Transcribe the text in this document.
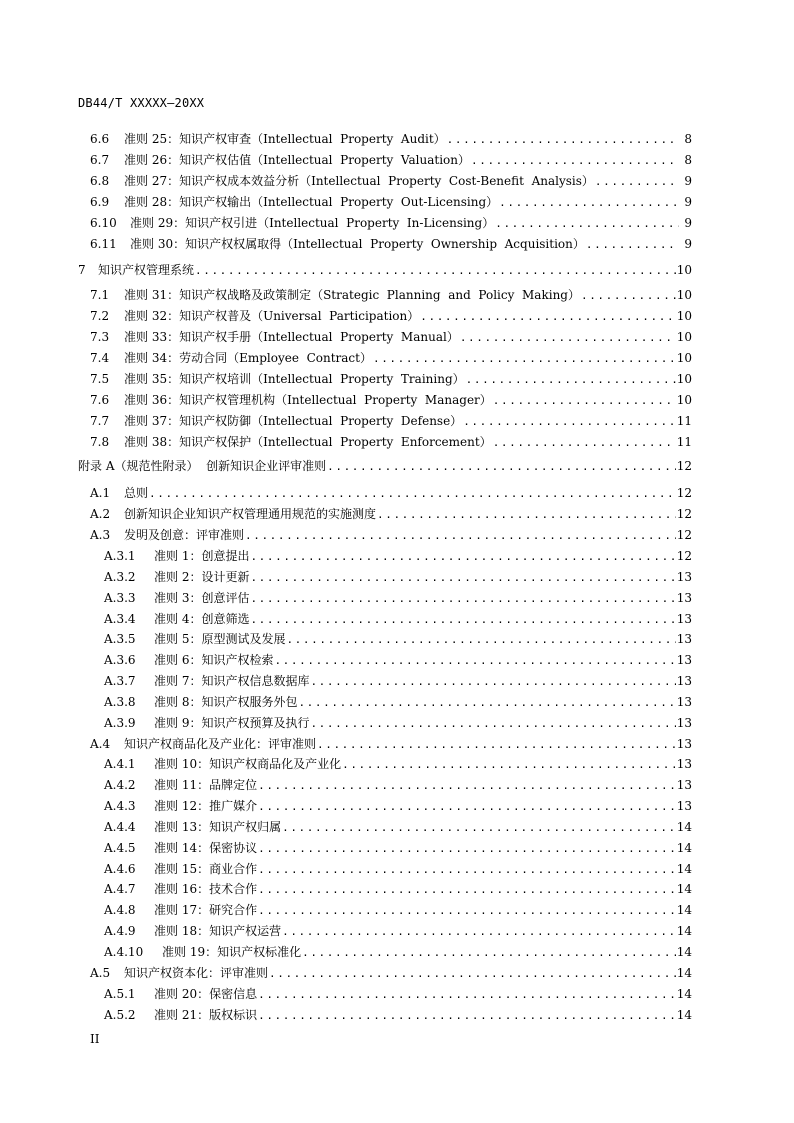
DB44/T XXXXX—20XX
6.6	准则 25：知识产权审查（Intellectual  Property  Audit） .....	8
6.7	准则 26：知识产权估值（Intellectual  Property  Valuation） .....	8
6.8	准则 27：知识产权成本效益分析（Intellectual  Property  Cost-Benefit  Analysis） .....	9
6.9	准则 28：知识产权输出（Intellectual  Property  Out-Licensing） .....	9
6.10	准则 29：知识产权引进（Intellectual  Property  In-Licensing） .....	9
6.11	准则 30：知识产权权属取得（Intellectual  Property  Ownership  Acquisition） .....	9
7	知识产权管理系统 .....	10
7.1	准则 31：知识产权战略及政策制定（Strategic  Planning  and  Policy  Making） .....	10
7.2	准则 32：知识产权普及（Universal  Participation） .....	10
7.3	准则 33：知识产权手册（Intellectual  Property  Manual） .....	10
7.4	准则 34：劳动合同（Employee  Contract） .....	10
7.5	准则 35：知识产权培训（Intellectual  Property  Training） .....	10
7.6	准则 36：知识产权管理机构（Intellectual  Property  Manager） .....	10
7.7	准则 37：知识产权防御（Intellectual  Property  Defense） .....	11
7.8	准则 38：知识产权保护（Intellectual  Property  Enforcement） .....	11
附录 A （规范性附录）  创新知识企业评审准则 .....	12
A.1	总则 .....	12
A.2	创新知识企业知识产权管理通用规范的实施测度 .....	12
A.3	发明及创意：评审准则 .....	12
A.3.1	准则 1：创意提出 .....	12
A.3.2	准则 2：设计更新 .....	13
A.3.3	准则 3：创意评估 .....	13
A.3.4	准则 4：创意筛选 .....	13
A.3.5	准则 5：原型测试及发展 .....	13
A.3.6	准则 6：知识产权检索 .....	13
A.3.7	准则 7：知识产权信息数据库 .....	13
A.3.8	准则 8：知识产权服务外包 .....	13
A.3.9	准则 9：知识产权预算及执行 .....	13
A.4	知识产权商品化及产业化：评审准则 .....	13
A.4.1	准则 10：知识产权商品化及产业化 .....	13
A.4.2	准则 11：品牌定位 .....	13
A.4.3	准则 12：推广媒介 .....	13
A.4.4	准则 13：知识产权归属 .....	14
A.4.5	准则 14：保密协议 .....	14
A.4.6	准则 15：商业合作 .....	14
A.4.7	准则 16：技术合作 .....	14
A.4.8	准则 17：研究合作 .....	14
A.4.9	准则 18：知识产权运营 .....	14
A.4.10	准则 19：知识产权标准化 .....	14
A.5	知识产权资本化：评审准则 .....	14
A.5.1	准则 20：保密信息 .....	14
A.5.2	准则 21：版权标识 .....	14
II
